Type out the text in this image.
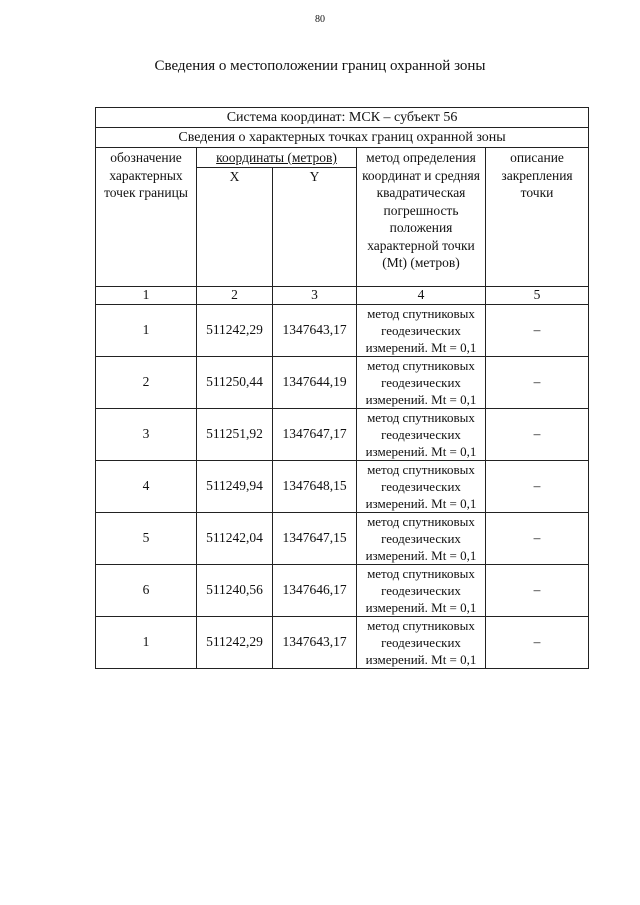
80
Сведения о местоположении границ охранной зоны
Система координат: МСК – субъект 56				
Сведения о характерных точках границ охранной зоны				
обозначение характерных точек границы	координаты (метров)		метод определения координат и средняя квадратическая погрешность положения характерной точки (Mt) (метров)	описание закрепления точки
	X	Y		
1	2	3	4	5
1	511242,29	1347643,17	метод спутниковых геодезических измерений. Mt = 0,1	–
2	511250,44	1347644,19	метод спутниковых геодезических измерений. Mt = 0,1	–
3	511251,92	1347647,17	метод спутниковых геодезических измерений. Mt = 0,1	–
4	511249,94	1347648,15	метод спутниковых геодезических измерений. Mt = 0,1	–
5	511242,04	1347647,15	метод спутниковых геодезических измерений. Mt = 0,1	–
6	511240,56	1347646,17	метод спутниковых геодезических измерений. Mt = 0,1	–
1	511242,29	1347643,17	метод спутниковых геодезических измерений. Mt = 0,1	–
